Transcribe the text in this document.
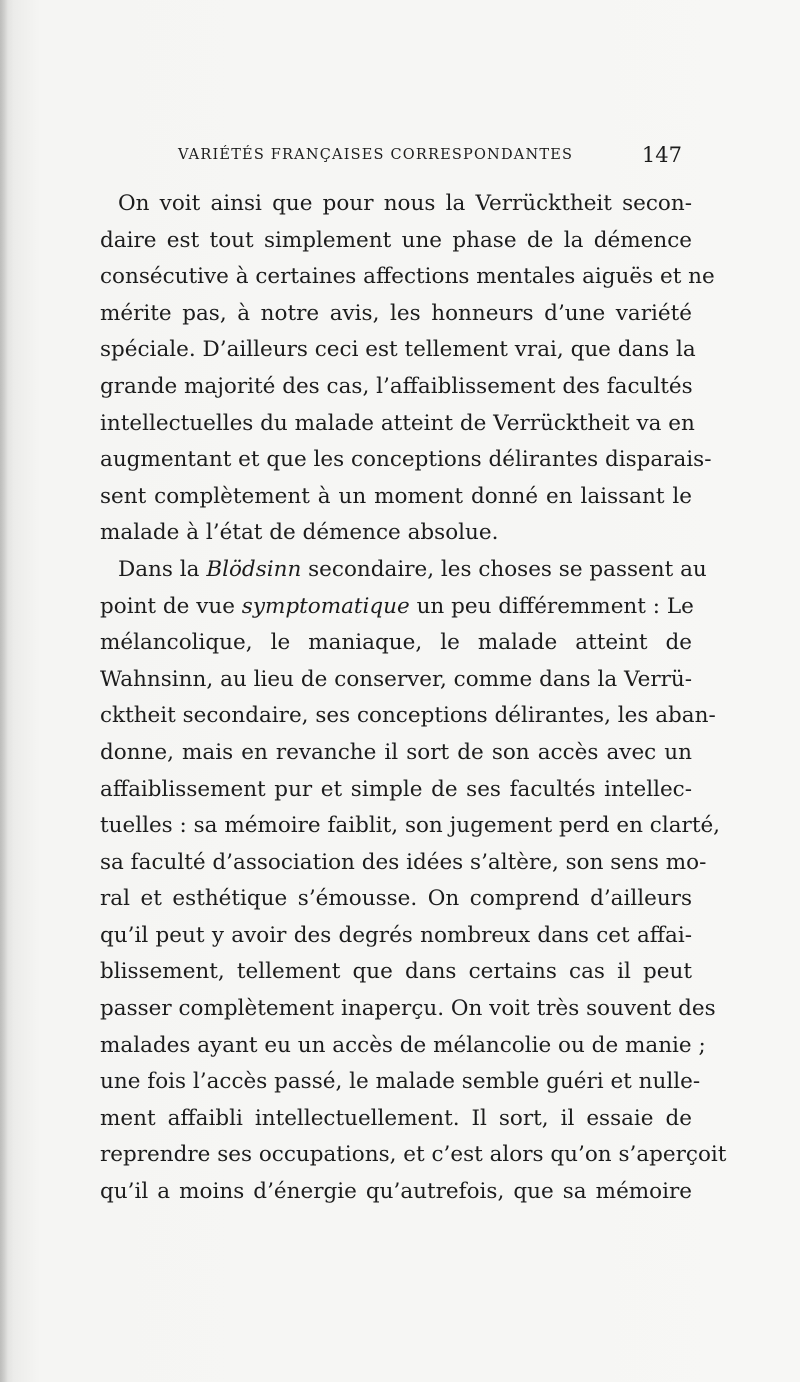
VARIÉTÉS FRANÇAISES CORRESPONDANTES	147
On voit ainsi que pour nous la Verrücktheit secon-
daire est tout simplement une phase de la démence
consécutive à certaines affections mentales aiguës et ne
mérite pas, à notre avis, les honneurs d’une variété
spéciale. D’ailleurs ceci est tellement vrai, que dans la
grande majorité des cas, l’affaiblissement des facultés
intellectuelles du malade atteint de Verrücktheit va en
augmentant et que les conceptions délirantes disparais-
sent complètement à un moment donné en laissant le
malade à l’état de démence absolue.
Dans la Blödsinn secondaire, les choses se passent au
point de vue symptomatique un peu différemment : Le
mélancolique, le maniaque, le malade atteint de
Wahnsinn, au lieu de conserver, comme dans la Verrü-
cktheit secondaire, ses conceptions délirantes, les aban-
donne, mais en revanche il sort de son accès avec un
affaiblissement pur et simple de ses facultés intellec-
tuelles : sa mémoire faiblit, son jugement perd en clarté,
sa faculté d’association des idées s’altère, son sens mo-
ral et esthétique s’émousse. On comprend d’ailleurs
qu’il peut y avoir des degrés nombreux dans cet affai-
blissement, tellement que dans certains cas il peut
passer complètement inaperçu. On voit très souvent des
malades ayant eu un accès de mélancolie ou de manie ;
une fois l’accès passé, le malade semble guéri et nulle-
ment affaibli intellectuellement. Il sort, il essaie de
reprendre ses occupations, et c’est alors qu’on s’aperçoit
qu’il a moins d’énergie qu’autrefois, que sa mémoire
